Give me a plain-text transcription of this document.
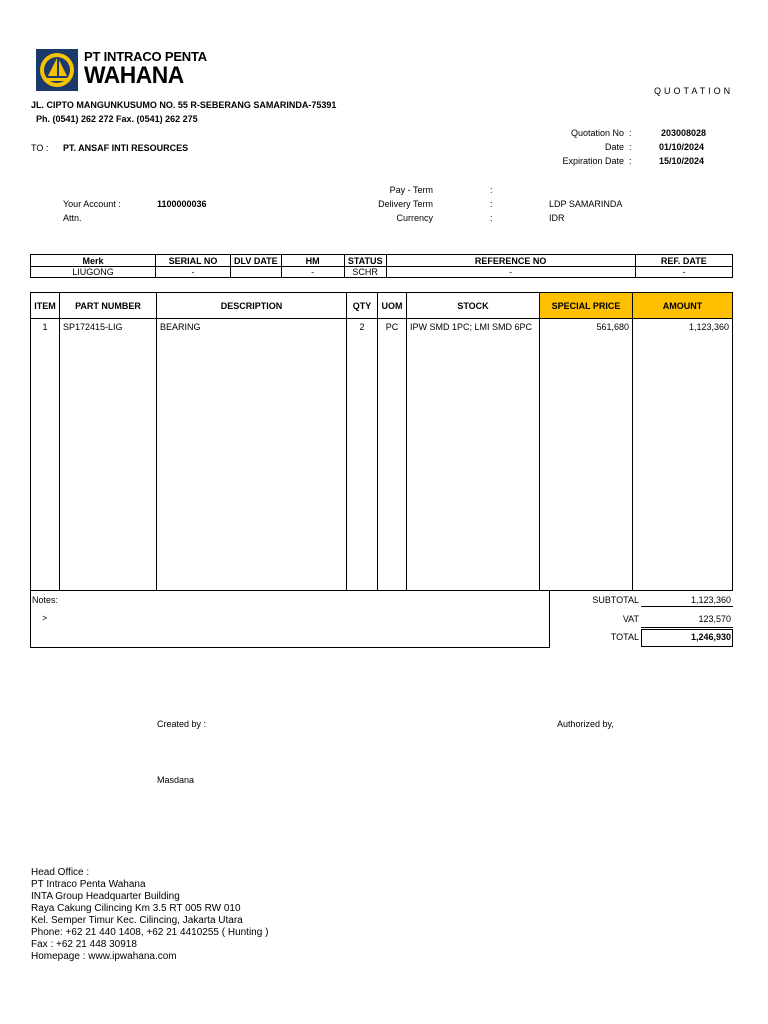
PT INTRACO PENTA
WAHANA
QUOTATION
JL. CIPTO MANGUNKUSUMO NO. 55 R-SEBERANG SAMARINDA-75391
Ph. (0541) 262 272 Fax. (0541) 262 275
Quotation No :	203008028
Date :	01/10/2024
Expiration Date :	15/10/2024
TO : PT. ANSAF INTI RESOURCES
Your Account :	1100000036
Attn.
Pay - Term	:
Delivery Term	:	LDP SAMARINDA
Currency	:	IDR
Merk	SERIAL NO	DLV DATE	HM	STATUS	REFERENCE NO	REF. DATE
LIUGONG	-		-	SCHR	-	-
ITEM	PART NUMBER	DESCRIPTION	QTY	UOM	STOCK	SPECIAL PRICE	AMOUNT
1	SP172415-LIG	BEARING	2	PC	IPW SMD 1PC; LMI SMD 6PC	561,680	1,123,360
Notes:
>
SUBTOTAL	1,123,360
VAT	123,570
TOTAL	1,246,930
Created by :	Authorized by,
Masdana
Head Office :
PT Intraco Penta Wahana
INTA Group Headquarter Building
Raya Cakung Cilincing Km 3.5 RT 005 RW 010
Kel. Semper Timur Kec. Cilincing, Jakarta Utara
Phone: +62 21 440 1408, +62 21 4410255 ( Hunting )
Fax : +62 21 448 30918
Homepage : www.ipwahana.com
